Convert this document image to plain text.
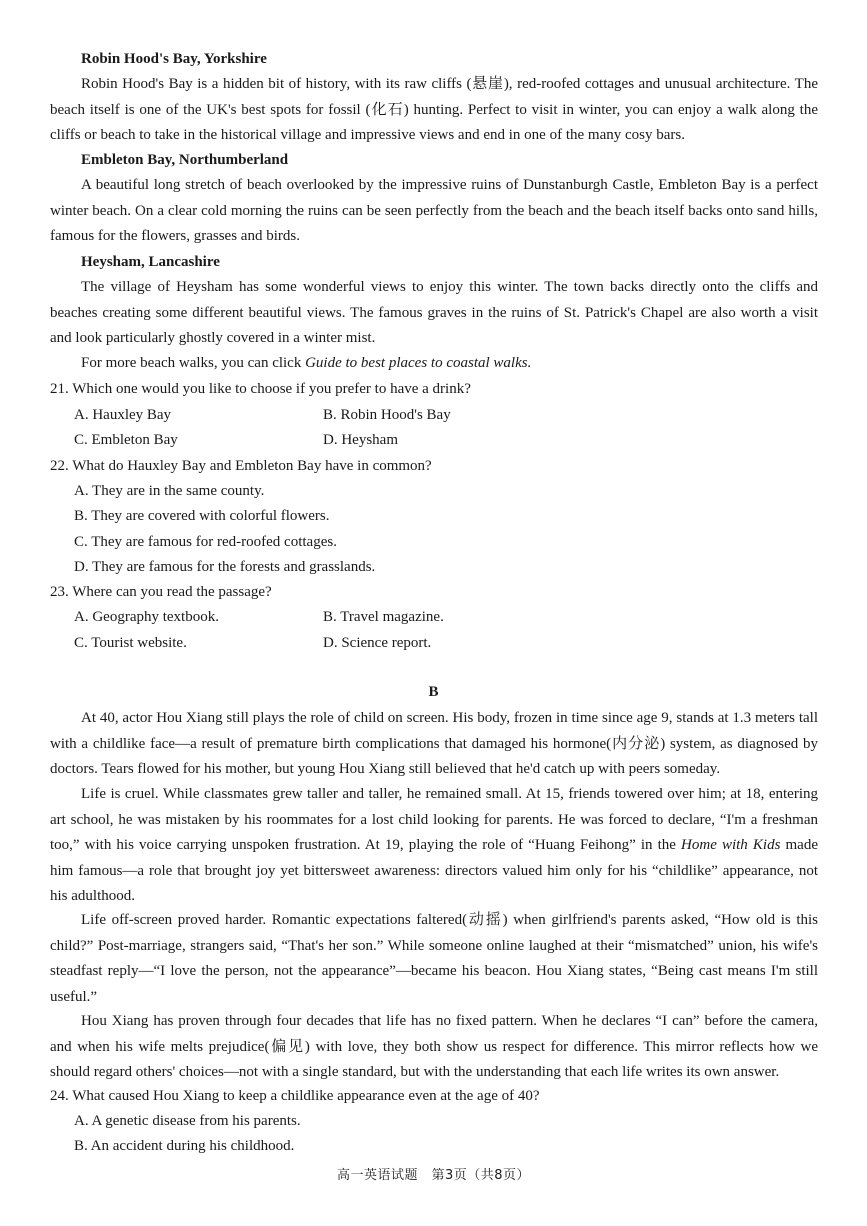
Robin Hood's Bay, Yorkshire

Robin Hood's Bay is a hidden bit of history, with its raw cliffs (悬崖), red-roofed cottages and unusual architecture. The beach itself is one of the UK's best spots for fossil (化石) hunting. Perfect to visit in winter, you can enjoy a walk along the cliffs or beach to take in the historical village and impressive views and end in one of the many cosy bars.

Embleton Bay, Northumberland

A beautiful long stretch of beach overlooked by the impressive ruins of Dunstanburgh Castle, Embleton Bay is a perfect winter beach. On a clear cold morning the ruins can be seen perfectly from the beach and the beach itself backs onto sand hills, famous for the flowers, grasses and birds.

Heysham, Lancashire

The village of Heysham has some wonderful views to enjoy this winter. The town backs directly onto the cliffs and beaches creating some different beautiful views. The famous graves in the ruins of St. Patrick's Chapel are also worth a visit and look particularly ghostly covered in a winter mist.

For more beach walks, you can click Guide to best places to coastal walks.
21. Which one would you like to choose if you prefer to have a drink?
A. Hauxley Bay	B. Robin Hood's Bay
C. Embleton Bay	D. Heysham
22. What do Hauxley Bay and Embleton Bay have in common?
A. They are in the same county.
B. They are covered with colorful flowers.
C. They are famous for red-roofed cottages.
D. They are famous for the forests and grasslands.
23. Where can you read the passage?
A. Geography textbook.	B. Travel magazine.
C. Tourist website.	D. Science report.
B

At 40, actor Hou Xiang still plays the role of child on screen. His body, frozen in time since age 9, stands at 1.3 meters tall with a childlike face—a result of premature birth complications that damaged his hormone(内分泌) system, as diagnosed by doctors. Tears flowed for his mother, but young Hou Xiang still believed that he'd catch up with peers someday.

Life is cruel. While classmates grew taller and taller, he remained small. At 15, friends towered over him; at 18, entering art school, he was mistaken by his roommates for a lost child looking for parents. He was forced to declare, “I'm a freshman too,” with his voice carrying unspoken frustration. At 19, playing the role of “Huang Feihong” in the Home with Kids made him famous—a role that brought joy yet bittersweet awareness: directors valued him only for his “childlike” appearance, not his adulthood.

Life off-screen proved harder. Romantic expectations faltered(动摇) when girlfriend's parents asked, “How old is this child?” Post-marriage, strangers said, “That's her son.” While someone online laughed at their “mismatched” union, his wife's steadfast reply—“I love the person, not the appearance”—became his beacon. Hou Xiang states, “Being cast means I'm still useful.”

Hou Xiang has proven through four decades that life has no fixed pattern. When he declares “I can” before the camera, and when his wife melts prejudice(偏见) with love, they both show us respect for difference. This mirror reflects how we should regard others' choices—not with a single standard, but with the understanding that each life writes its own answer.

24. What caused Hou Xiang to keep a childlike appearance even at the age of 40?
A. A genetic disease from his parents.
B. An accident during his childhood.
高一英语试题　第3页（共8页）
